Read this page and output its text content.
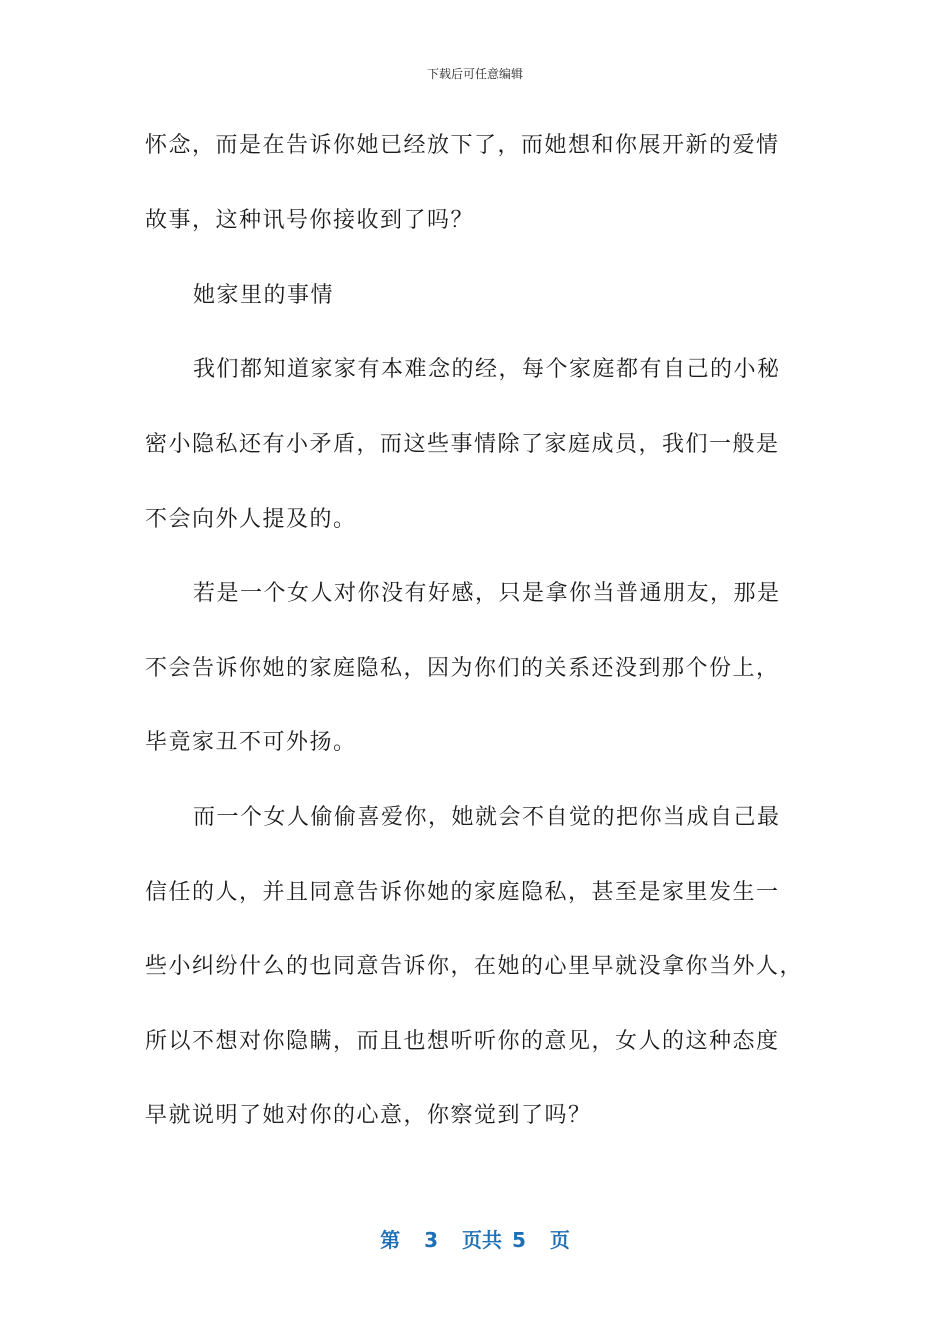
下载后可任意编辑
怀念，而是在告诉你她已经放下了，而她想和你展开新的爱情
故事，这种讯号你接收到了吗？
她家里的事情
我们都知道家家有本难念的经，每个家庭都有自己的小秘
密小隐私还有小矛盾，而这些事情除了家庭成员，我们一般是
不会向外人提及的。
若是一个女人对你没有好感，只是拿你当普通朋友，那是
不会告诉你她的家庭隐私，因为你们的关系还没到那个份上，
毕竟家丑不可外扬。
而一个女人偷偷喜爱你，她就会不自觉的把你当成自己最
信任的人，并且同意告诉你她的家庭隐私，甚至是家里发生一
些小纠纷什么的也同意告诉你，在她的心里早就没拿你当外人，
所以不想对你隐瞒，而且也想听听你的意见，女人的这种态度
早就说明了她对你的心意，你察觉到了吗？
第 3 页共 5 页
